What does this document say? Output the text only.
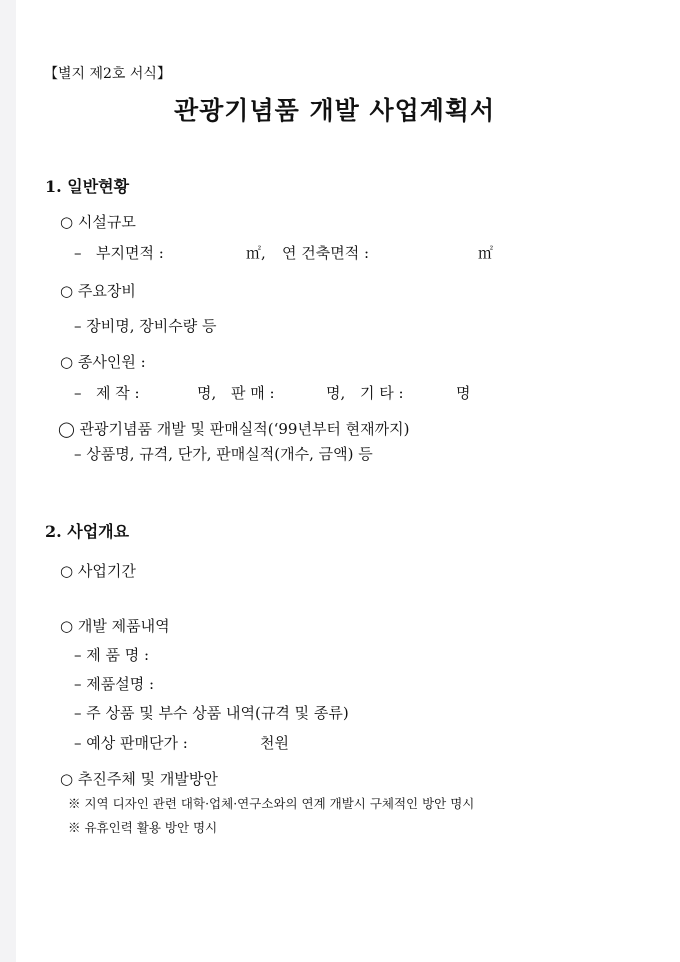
【별지 제2호 서식】
관광기념품 개발 사업계획서
1. 일반현황
○ 시설규모
– 부지면적 :	㎡, 연 건축면적 :	㎡
○ 주요장비
– 장비명, 장비수량 등
○ 종사인원 :
– 제 작 :	명, 판 매 :	명, 기 타 :	명
◯ 관광기념품 개발 및 판매실적(‘99년부터 현재까지)
– 상품명, 규격, 단가, 판매실적(개수, 금액) 등
2. 사업개요
○ 사업기간
○ 개발 제품내역
– 제 품 명 :
– 제품설명 :
– 주 상품 및 부수 상품 내역(규격 및 종류)
– 예상 판매단가 :	천원
○ 추진주체 및 개발방안
※ 지역 디자인 관련 대학·업체·연구소와의 연계 개발시 구체적인 방안 명시
※ 유휴인력 활용 방안 명시
